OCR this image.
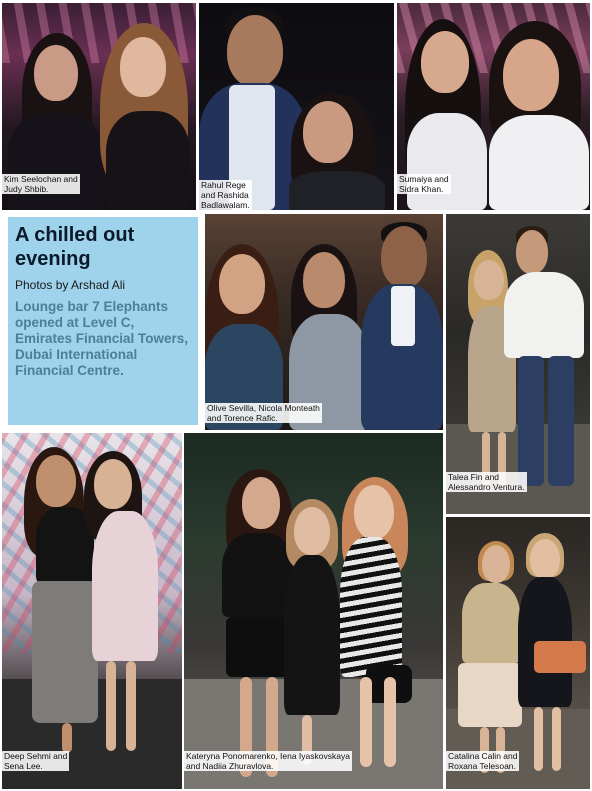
Kim Seelochan and
Judy Shbib.	Rahul Rege
and Rashida
Badlawalam.
Sumaiya and
Sidra Khan.
A chilled out evening
Photos by Arshad Ali
Lounge bar 7 Elephants opened at Level C, Emirates Financial Towers, Dubai International Financial Centre.
Olive Sevilla, Nicola Monteath
and Torence Rafic.
Talea Fin and
Alessandro Ventura.
Deep Sehmi and
Sena Lee.
Kateryna Ponomarenko, Iena Iyaskovskaya
and Nadiia Zhuravlova.
Catalina Calin and
Roxana Telesoan.
